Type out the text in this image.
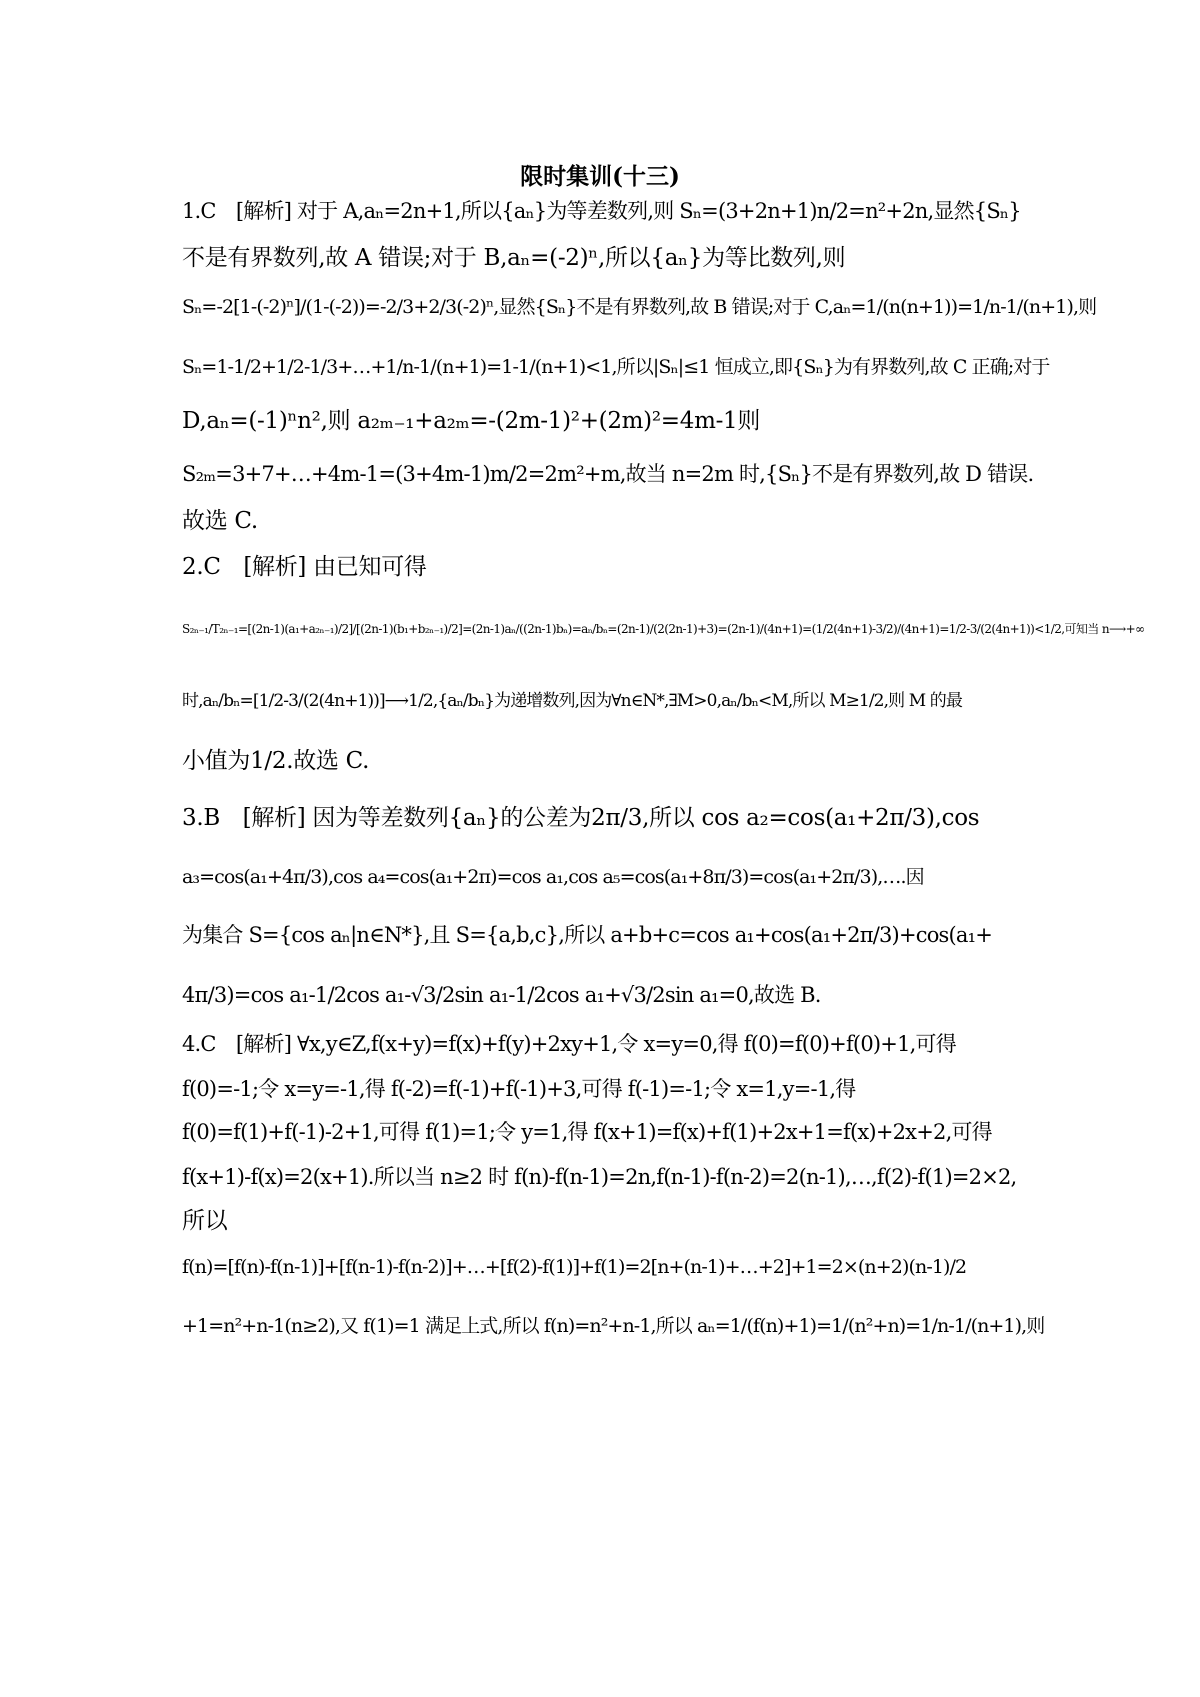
限时集训(十三)
1.C　[解析] 对于 A,aₙ=2n+1,所以{aₙ}为等差数列,则 Sₙ=(3+2n+1)n/2=n²+2n,显然{Sₙ}
不是有界数列,故 A 错误;对于 B,aₙ=(-2)ⁿ,所以{aₙ}为等比数列,则
Sₙ=-2[1-(-2)ⁿ]/(1-(-2))=-2/3+2/3(-2)ⁿ,显然{Sₙ}不是有界数列,故 B 错误;对于 C,aₙ=1/(n(n+1))=1/n-1/(n+1),则
Sₙ=1-1/2+1/2-1/3+…+1/n-1/(n+1)=1-1/(n+1)<1,所以|Sₙ|≤1 恒成立,即{Sₙ}为有界数列,故 C 正确;对于
D,aₙ=(-1)ⁿn²,则 a₂ₘ₋₁+a₂ₘ=-(2m-1)²+(2m)²=4m-1则
S₂ₘ=3+7+…+4m-1=(3+4m-1)m/2=2m²+m,故当 n=2m 时,{Sₙ}不是有界数列,故 D 错误.
故选 C.
2.C　[解析] 由已知可得
S₂ₙ₋₁/T₂ₙ₋₁=[(2n-1)(a₁+a₂ₙ₋₁)/2]/[(2n-1)(b₁+b₂ₙ₋₁)/2]=(2n-1)aₙ/((2n-1)bₙ)=aₙ/bₙ=(2n-1)/(2(2n-1)+3)=(2n-1)/(4n+1)=(1/2(4n+1)-3/2)/(4n+1)=1/2-3/(2(4n+1))<1/2,可知当 n⟶+∞
时,aₙ/bₙ=[1/2-3/(2(4n+1))]⟶1/2,{aₙ/bₙ}为递增数列,因为∀n∈N*,∃M>0,aₙ/bₙ<M,所以 M≥1/2,则 M 的最
小值为1/2.故选 C.
3.B　[解析] 因为等差数列{aₙ}的公差为2π/3,所以 cos a₂=cos(a₁+2π/3),cos
a₃=cos(a₁+4π/3),cos a₄=cos(a₁+2π)=cos a₁,cos a₅=cos(a₁+8π/3)=cos(a₁+2π/3),….因
为集合 S={cos aₙ|n∈N*},且 S={a,b,c},所以 a+b+c=cos a₁+cos(a₁+2π/3)+cos(a₁+
4π/3)=cos a₁-1/2cos a₁-√3/2sin a₁-1/2cos a₁+√3/2sin a₁=0,故选 B.
4.C　[解析] ∀x,y∈Z,f(x+y)=f(x)+f(y)+2xy+1,令 x=y=0,得 f(0)=f(0)+f(0)+1,可得
f(0)=-1;令 x=y=-1,得 f(-2)=f(-1)+f(-1)+3,可得 f(-1)=-1;令 x=1,y=-1,得
f(0)=f(1)+f(-1)-2+1,可得 f(1)=1;令 y=1,得 f(x+1)=f(x)+f(1)+2x+1=f(x)+2x+2,可得
f(x+1)-f(x)=2(x+1).所以当 n≥2 时 f(n)-f(n-1)=2n,f(n-1)-f(n-2)=2(n-1),…,f(2)-f(1)=2×2,
所以
f(n)=[f(n)-f(n-1)]+[f(n-1)-f(n-2)]+…+[f(2)-f(1)]+f(1)=2[n+(n-1)+…+2]+1=2×(n+2)(n-1)/2
+1=n²+n-1(n≥2),又 f(1)=1 满足上式,所以 f(n)=n²+n-1,所以 aₙ=1/(f(n)+1)=1/(n²+n)=1/n-1/(n+1),则
